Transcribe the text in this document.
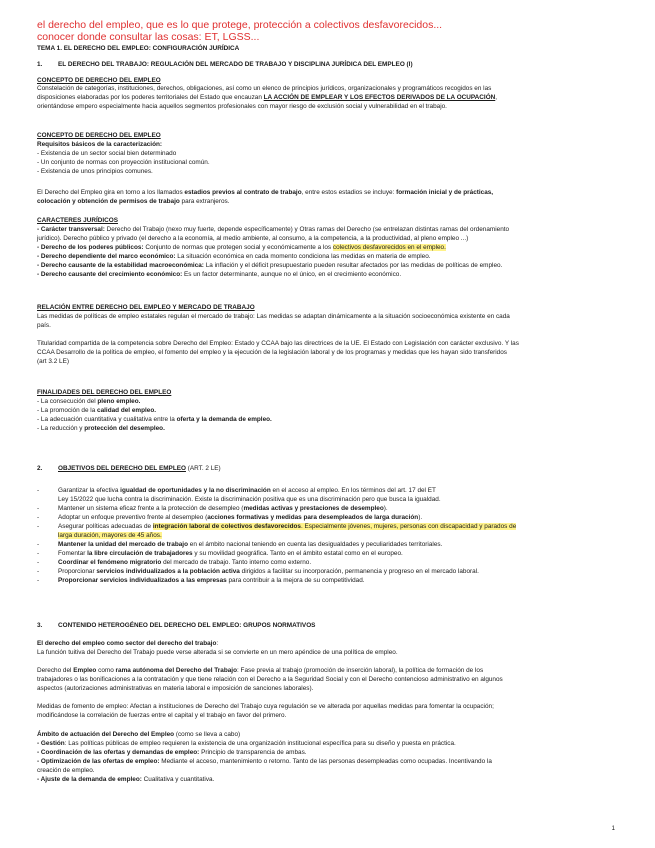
el derecho del empleo, que es lo que protege, protección a colectivos desfavorecidos...
conocer donde consultar las cosas: ET, LGSS...
TEMA 1. EL DERECHO DEL EMPLEO: CONFIGURACIÓN JURÍDICA
1. EL DERECHO DEL TRABAJO: REGULACIÓN DEL MERCADO DE TRABAJO Y DISCIPLINA JURÍDICA DEL EMPLEO (I)
CONCEPTO DE DERECHO DEL EMPLEO
Constelación de categorías, instituciones, derechos, obligaciones, así como un elenco de principios jurídicos, organizacionales y programáticos recogidos en las
disposiciones elaboradas por los poderes territoriales del Estado que encauzan LA ACCIÓN DE EMPLEAR Y LOS EFECTOS DERIVADOS DE LA OCUPACIÓN,
orientándose empero especialmente hacia aquellos segmentos profesionales con mayor riesgo de exclusión social y vulnerabilidad en el trabajo.
CONCEPTO DE DERECHO DEL EMPLEO
Requisitos básicos de la caracterización:
- Existencia de un sector social bien determinado
- Un conjunto de normas con proyección institucional común.
- Existencia de unos principios comunes.
El Derecho del Empleo gira en torno a los llamados estadios previos al contrato de trabajo, entre estos estadios se incluye: formación inicial y de prácticas,
colocación y obtención de permisos de trabajo para extranjeros.
CARACTERES JURÍDICOS
- Carácter transversal: Derecho del Trabajo (nexo muy fuerte, depende específicamente) y Otras ramas del Derecho (se entrelazan distintas ramas del ordenamiento
jurídico). Derecho público y privado (el derecho a la economía, al medio ambiente, al consumo, a la competencia, a la productividad, al pleno empleo ...)
- Derecho de los poderes públicos: Conjunto de normas que protegen social y económicamente a los colectivos desfavorecidos en el empleo.
- Derecho dependiente del marco económico: La situación económica en cada momento condiciona las medidas en materia de empleo.
- Derecho causante de la estabilidad macroeconómica: La inflación y el déficit presupuestario pueden resultar afectados por las medidas de políticas de empleo.
- Derecho causante del crecimiento económico: Es un factor determinante, aunque no el único, en el crecimiento económico.
RELACIÓN ENTRE DERECHO DEL EMPLEO Y MERCADO DE TRABAJO
Las medidas de políticas de empleo estatales regulan el mercado de trabajo: Las medidas se adaptan dinámicamente a la situación socioeconómica existente en cada
país.
Titularidad compartida de la competencia sobre Derecho del Empleo: Estado y CCAA bajo las directrices de la UE. El Estado con Legislación con carácter exclusivo. Y las
CCAA Desarrollo de la política de empleo, el fomento del empleo y la ejecución de la legislación laboral y de los programas y medidas que les hayan sido transferidos
(art 3.2 LE)
FINALIDADES DEL DERECHO DEL EMPLEO
- La consecución del pleno empleo.
- La promoción de la calidad del empleo.
- La adecuación cuantitativa y cualitativa entre la oferta y la demanda de empleo.
- La reducción y protección del desempleo.
2. OBJETIVOS DEL DERECHO DEL EMPLEO (ART. 2 LE)
-	Garantizar la efectiva igualdad de oportunidades y la no discriminación en el acceso al empleo. En los términos del art. 17 del ET
Ley 15/2022 que lucha contra la discriminación. Existe la discriminación positiva que es una discriminación pero que busca la igualdad.
-	Mantener un sistema eficaz frente a la protección de desempleo (medidas activas y prestaciones de desempleo).
-	Adoptar un enfoque preventivo frente al desempleo (acciones formativas y medidas para desempleados de larga duración).
-	Asegurar políticas adecuadas de integración laboral de colectivos desfavorecidos. Especialmente jóvenes, mujeres, personas con discapacidad y parados de
larga duración, mayores de 45 años.
-	Mantener la unidad del mercado de trabajo en el ámbito nacional teniendo en cuenta las desigualdades y peculiaridades territoriales.
-	Fomentar la libre circulación de trabajadores y su movilidad geográfica. Tanto en el ámbito estatal como en el europeo.
-	Coordinar el fenómeno migratorio del mercado de trabajo. Tanto interno como externo.
-	Proporcionar servicios individualizados a la población activa dirigidos a facilitar su incorporación, permanencia y progreso en el mercado laboral.
-	Proporcionar servicios individualizados a las empresas para contribuir a la mejora de su competitividad.
3. CONTENIDO HETEROGÉNEO DEL DERECHO DEL EMPLEO: GRUPOS NORMATIVOS
El derecho del empleo como sector del derecho del trabajo:
La función tuitiva del Derecho del Trabajo puede verse alterada si se convierte en un mero apéndice de una política de empleo.
Derecho del Empleo como rama autónoma del Derecho del Trabajo: Fase previa al trabajo (promoción de inserción laboral), la política de formación de los
trabajadores o las bonificaciones a la contratación y que tiene relación con el Derecho a la Seguridad Social y con el Derecho contencioso administrativo en algunos
aspectos (autorizaciones administrativas en materia laboral e imposición de sanciones laborales).
Medidas de fomento de empleo: Afectan a instituciones de Derecho del Trabajo cuya regulación se ve alterada por aquellas medidas para fomentar la ocupación;
modificándose la correlación de fuerzas entre el capital y el trabajo en favor del primero.
Ámbito de actuación del Derecho del Empleo (como se lleva a cabo)
- Gestión: Las políticas públicas de empleo requieren la existencia de una organización institucional específica para su diseño y puesta en práctica.
- Coordinación de las ofertas y demandas de empleo: Principio de transparencia de ambas.
- Optimización de las ofertas de empleo: Mediante el acceso, mantenimiento o retorno. Tanto de las personas desempleadas como ocupadas. Incentivando la
creación de empleo.
- Ajuste de la demanda de empleo: Cualitativa y cuantitativa.
1
